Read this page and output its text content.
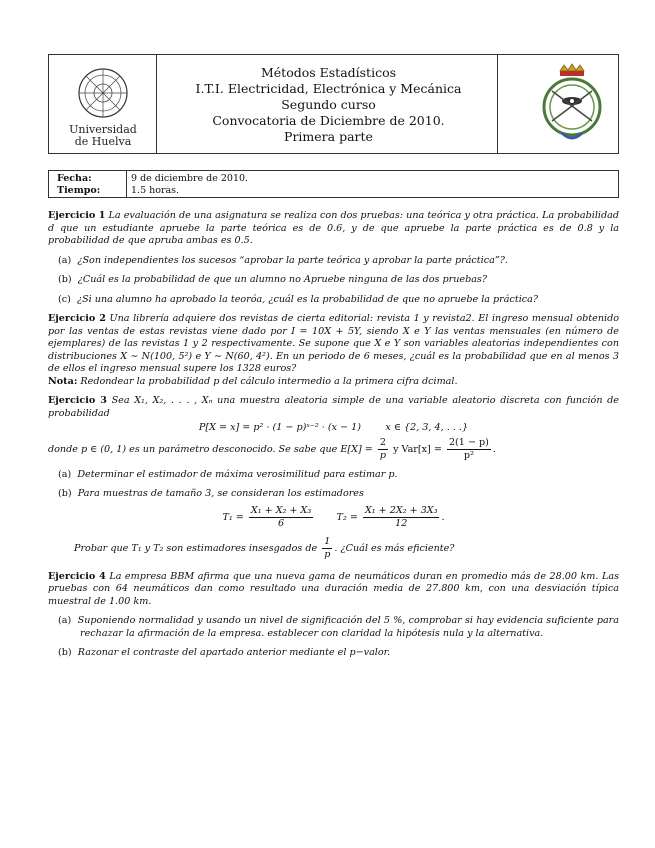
Universidad
de Huelva
Métodos Estadísticos
I.T.I. Electricidad, Electrónica y Mecánica
Segundo curso
Convocatoria de Diciembre de 2010.
Primera parte
Fecha:
Tiempo:
9 de diciembre de 2010.
1.5 horas.

Ejercicio 1 La evaluación de una asignatura se realiza con dos pruebas: una teórica y otra práctica. La probabilidad d que un estudiante apruebe la parte teórica es de 0.6, y de que apruebe la parte práctica es de 0.8 y la probabilidad de que apruba ambas es 0.5.

(a) ¿Son independientes los sucesos “aprobar la parte teórica y aprobar la parte práctica”?.
(b) ¿Cuál es la probabilidad de que un alumno no Apruebe ninguna de las dos pruebas?
(c) ¿Si una alumno ha aprobado la teoróa, ¿cuál es la probabilidad de que no apruebe la práctica?

Ejercicio 2 Una librería adquiere dos revistas de cierta editorial: revista 1 y revista2. El ingreso mensual obtenido por las ventas de estas revistas viene dado por I = 10X + 5Y, siendo X e Y las ventas mensuales (en número de ejemplares) de las revistas 1 y 2 respectivamente. Se supone que X e Y son variables aleatorias independientes con distribuciones X ∼ N(100, 5²) e Y ∼ N(60, 4²). En un periodo de 6 meses, ¿cuál es la probabilidad que en al menos 3 de ellos el ingreso mensual supere los 1328 euros?

Nota: Redondear la probabilidad p del cálculo intermedio a la primera cifra dcimal.

Ejercicio 3 Sea X₁, X₂, . . . , Xₙ una muestra aleatoria simple de una variable aleatorio discreta con función de probabilidad

P[X = x] = p² · (1 − p)ˣ⁻² · (x − 1)	x ∈ {2, 3, 4, . . .}

donde p ∈ (0, 1) es un parámetro desconocido. Se sabe que $E[X] = \frac{2}{p}$ y $Var[x] = \frac{2(1 - p)}{\text{p²}}$ .

(a) Determinar el estimador de máxima verosimilitud para estimar p.
(b) Para muestras de tamaño 3, se consideran los estimadores
$T_1 = \frac{\text{X₁ + X₂ + X₃}}{6} T_2 = \frac{\text{X₁ + 2X₂ + 3X₃}}{12}$ .

Probar que T₁ y T₂ son estimadores insesgados de $\frac{1}{p}$ . ¿Cuál es más eficiente?

Ejercicio 4 La empresa BBM afirma que una nueva gama de neumáticos duran en promedio más de 28.00 km. Las pruebas con 64 neumáticos dan como resultado una duración media de 27.800 km, con una desviación típica muestral de 1.00 km.

(a) Suponiendo normalidad y usando un nivel de significación del 5 %, comprobar si hay evidencia suficiente para rechazar la afirmación de la empresa. establecer con claridad la hipótesis nula y la alternativa.
(b) Razonar el contraste del apartado anterior mediante el p−valor.
